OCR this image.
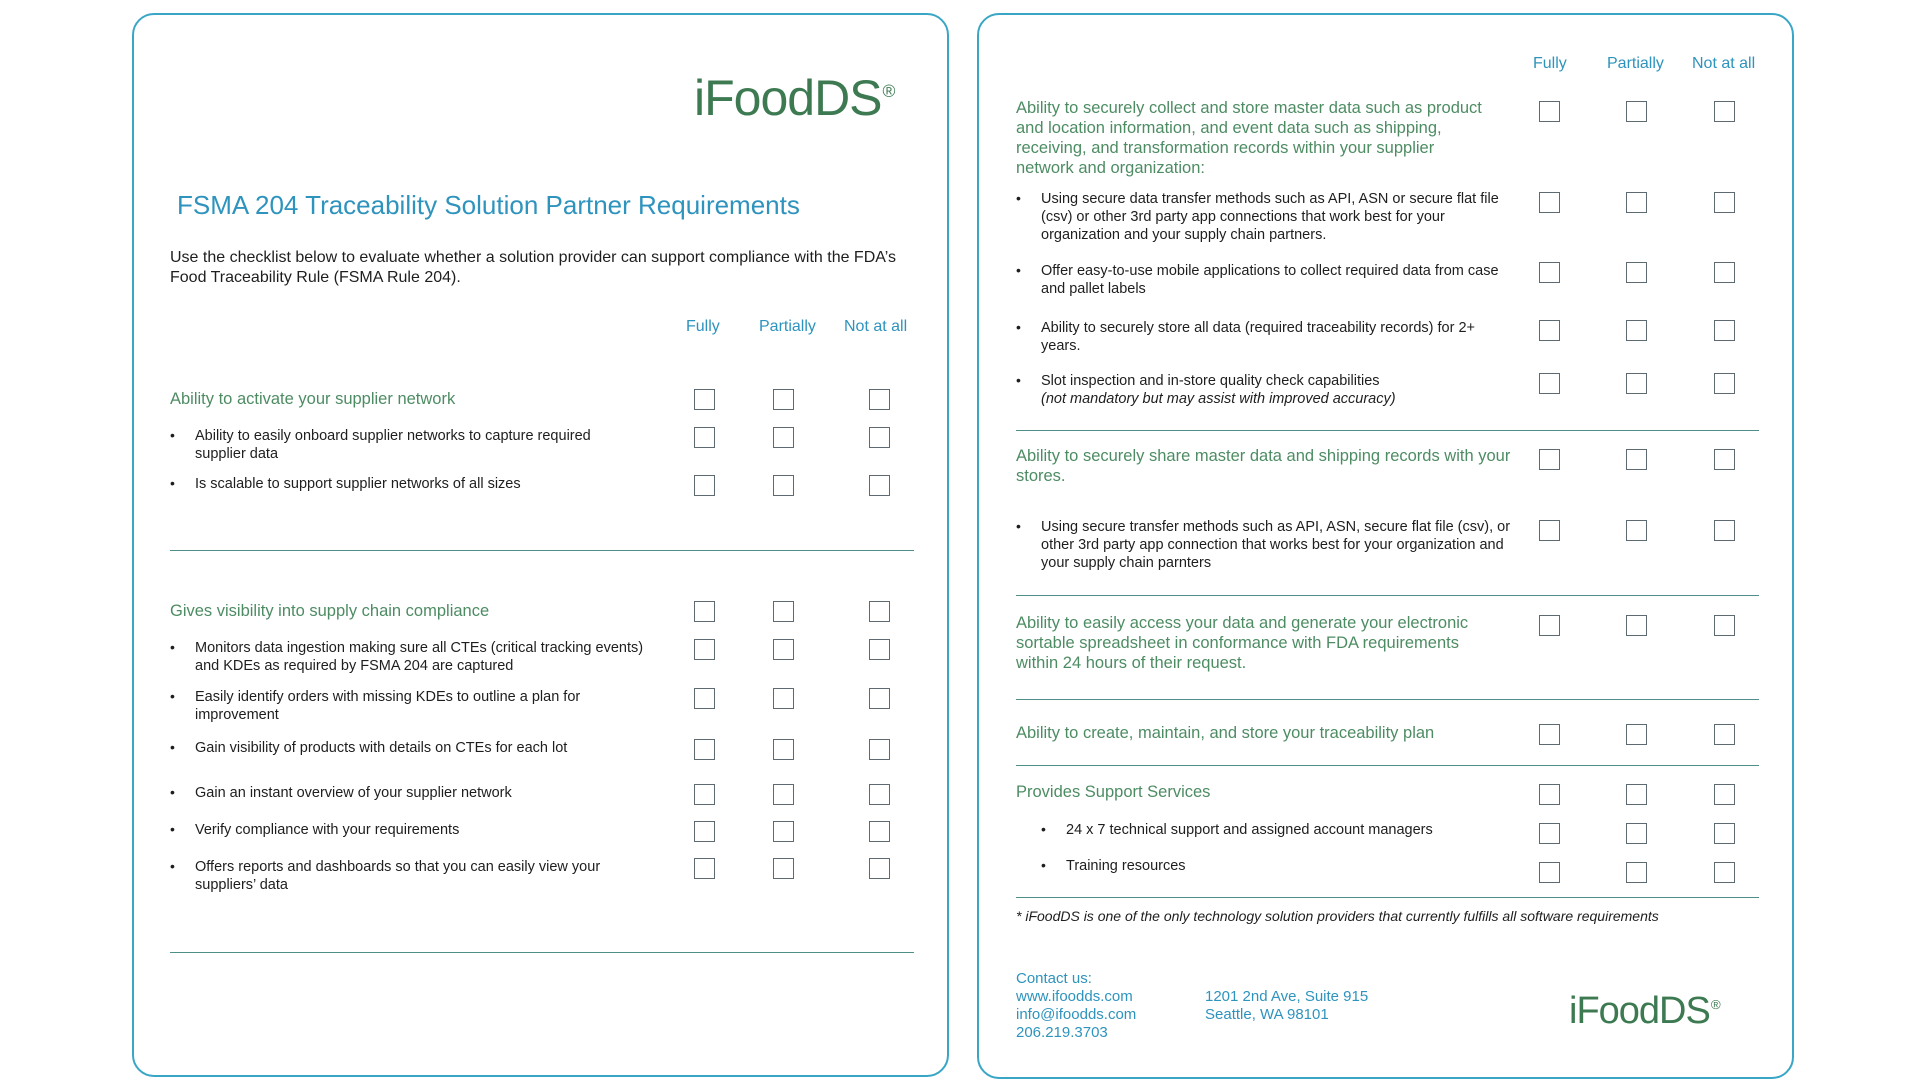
iFoodDS®
FSMA 204 Traceability Solution Partner Requirements

Use the checklist below to evaluate whether a solution provider can support compliance with the FDA’s Food Traceability Rule (FSMA Rule 204).

Fully Partially Not at all

Ability to activate your supplier network

• Ability to easily onboard supplier networks to capture required supplier data

• Is scalable to support supplier networks of all sizes

Gives visibility into supply chain compliance

• Monitors data ingestion making sure all CTEs (critical tracking events) and KDEs as required by FSMA 204 are captured

• Easily identify orders with missing KDEs to outline a plan for improvement

• Gain visibility of products with details on CTEs for each lot

• Gain an instant overview of your supplier network

• Verify compliance with your requirements

• Offers reports and dashboards so that you can easily view your suppliers’ data

Fully	Partially Not at all

Ability to securely collect and store master data such as product and location information, and event data such as shipping, receiving, and transformation records within your supplier network and organization:

• Using secure data transfer methods such as API, ASN or secure flat file (csv) or other 3rd party app connections that work best for your organization and your supply chain partners.

• Offer easy-to-use mobile applications to collect required data from case and pallet labels

• Ability to securely store all data (required traceability records) for 2+ years.

• Slot inspection and in-store quality check capabilities
(not mandatory but may assist with improved accuracy)

Ability to securely share master data and shipping records with your stores.

• Using secure transfer methods such as API, ASN, secure flat file (csv), or other 3rd party app connection that works best for your organization and your supply chain parnters

Ability to easily access your data and generate your electronic sortable spreadsheet in conformance with FDA requirements within 24 hours of their request.

Ability to create, maintain, and store your traceability plan

Provides Support Services

• 24 x 7 technical support and assigned account managers

• Training resources

* iFoodDS is one of the only technology solution providers that currently fulfills all software requirements

Contact us:

www.ifoodds.com
info@ifoodds.com
206.219.3703

1201 2nd Ave, Suite 915
Seattle, WA 98101	iFoodDS®
